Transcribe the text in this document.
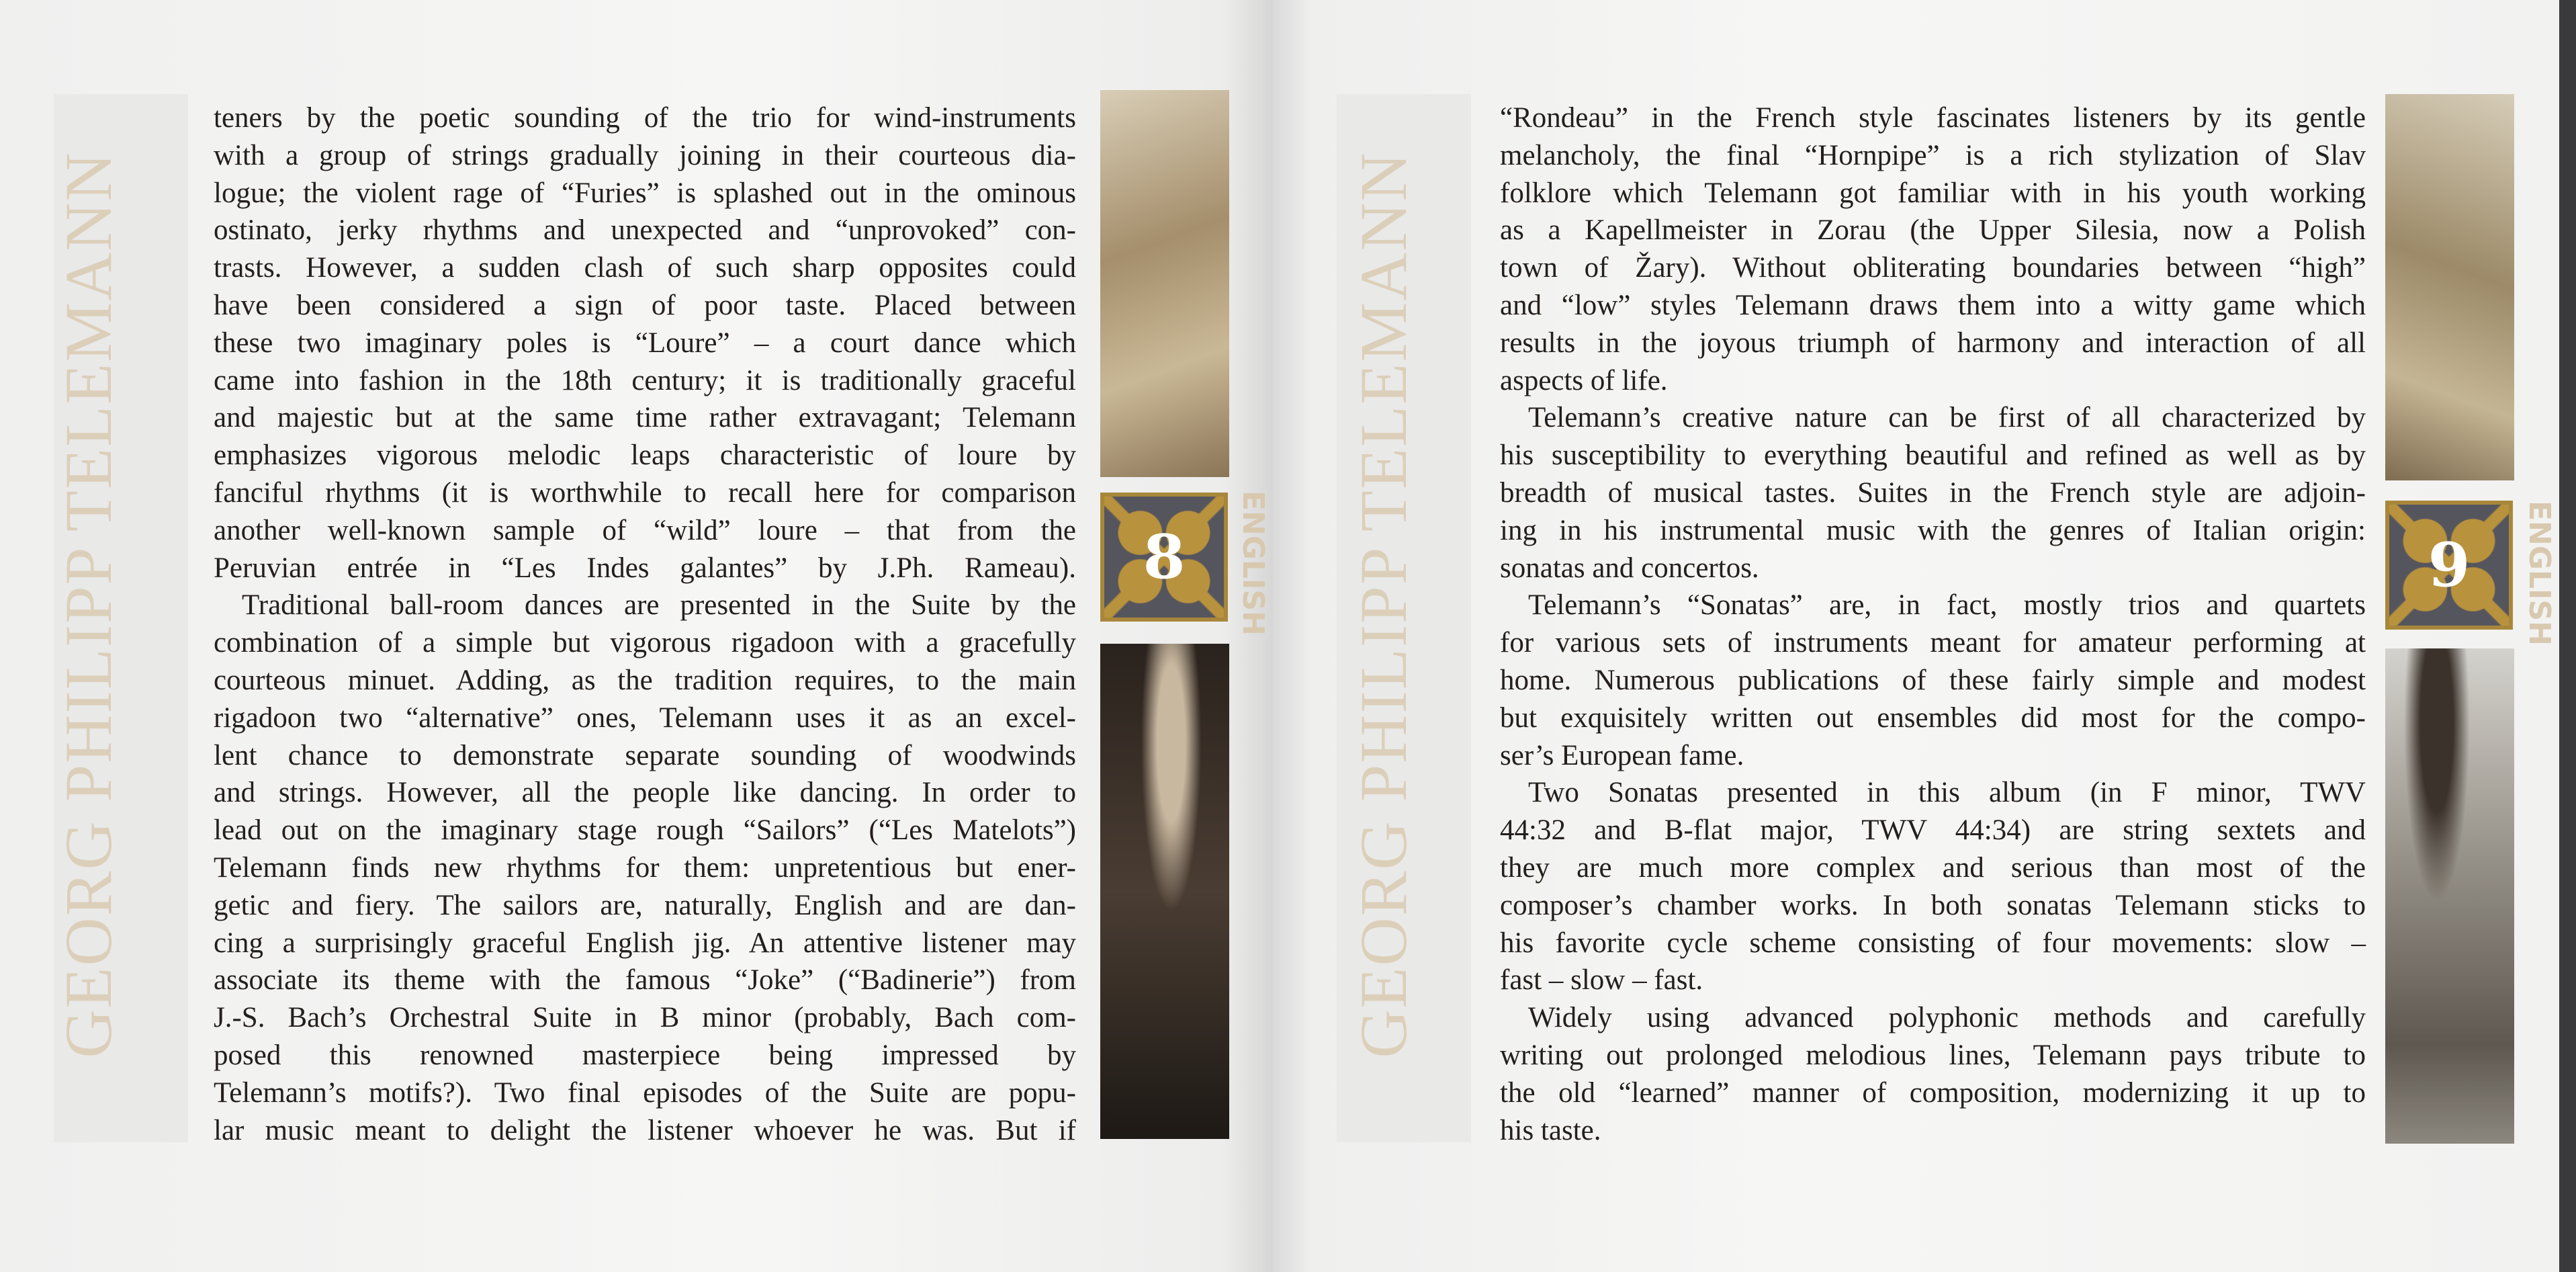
GEORG PHILIPP TELEMANN
teners by the poetic sounding of the trio for wind-instruments
with a group of strings gradually joining in their courteous dia-
logue; the violent rage of “Furies” is splashed out in the ominous
ostinato, jerky rhythms and unexpected and “unprovoked” con-
trasts. However, a sudden clash of such sharp opposites could
have been considered a sign of poor taste. Placed between
these two imaginary poles is “Loure” – a court dance which
came into fashion in the 18th century; it is traditionally graceful
and majestic but at the same time rather extravagant; Telemann
emphasizes vigorous melodic leaps characteristic of loure by
fanciful rhythms (it is worthwhile to recall here for comparison
another well-known sample of “wild” loure – that from the
Peruvian entrée in “Les Indes galantes” by J.Ph. Rameau).
Traditional ball-room dances are presented in the Suite by the
combination of a simple but vigorous rigadoon with a gracefully
courteous minuet. Adding, as the tradition requires, to the main
rigadoon two “alternative” ones, Telemann uses it as an excel-
lent chance to demonstrate separate sounding of woodwinds
and strings. However, all the people like dancing. In order to
lead out on the imaginary stage rough “Sailors” (“Les Matelots”)
Telemann finds new rhythms for them: unpretentious but ener-
getic and fiery. The sailors are, naturally, English and are dan-
cing a surprisingly graceful English jig. An attentive listener may
associate its theme with the famous “Joke” (“Badinerie”) from
J.-S. Bach’s Orchestral Suite in B minor (probably, Bach com-
posed this renowned masterpiece being impressed by
Telemann’s motifs?). Two final episodes of the Suite are popu-
lar music meant to delight the listener whoever he was. But if
8 ENGLISH GEORG PHILIPP TELEMANN
“Rondeau” in the French style fascinates listeners by its gentle
melancholy, the final “Hornpipe” is a rich stylization of Slav
folklore which Telemann got familiar with in his youth working
as a Kapellmeister in Zorau (the Upper Silesia, now a Polish
town of Žary). Without obliterating boundaries between “high”
and “low” styles Telemann draws them into a witty game which
results in the joyous triumph of harmony and interaction of all
aspects of life.
Telemann’s creative nature can be first of all characterized by
his susceptibility to everything beautiful and refined as well as by
breadth of musical tastes. Suites in the French style are adjoin-
ing in his instrumental music with the genres of Italian origin:
sonatas and concertos.
Telemann’s “Sonatas” are, in fact, mostly trios and quartets
for various sets of instruments meant for amateur performing at
home. Numerous publications of these fairly simple and modest
but exquisitely written out ensembles did most for the compo-
ser’s European fame.
Two Sonatas presented in this album (in F minor, TWV
44:32 and B-flat major, TWV 44:34) are string sextets and
they are much more complex and serious than most of the
composer’s chamber works. In both sonatas Telemann sticks to
his favorite cycle scheme consisting of four movements: slow –
fast – slow – fast.
Widely using advanced polyphonic methods and carefully
writing out prolonged melodious lines, Telemann pays tribute to
the old “learned” manner of composition, modernizing it up to
his taste.
9 ENGLISH
